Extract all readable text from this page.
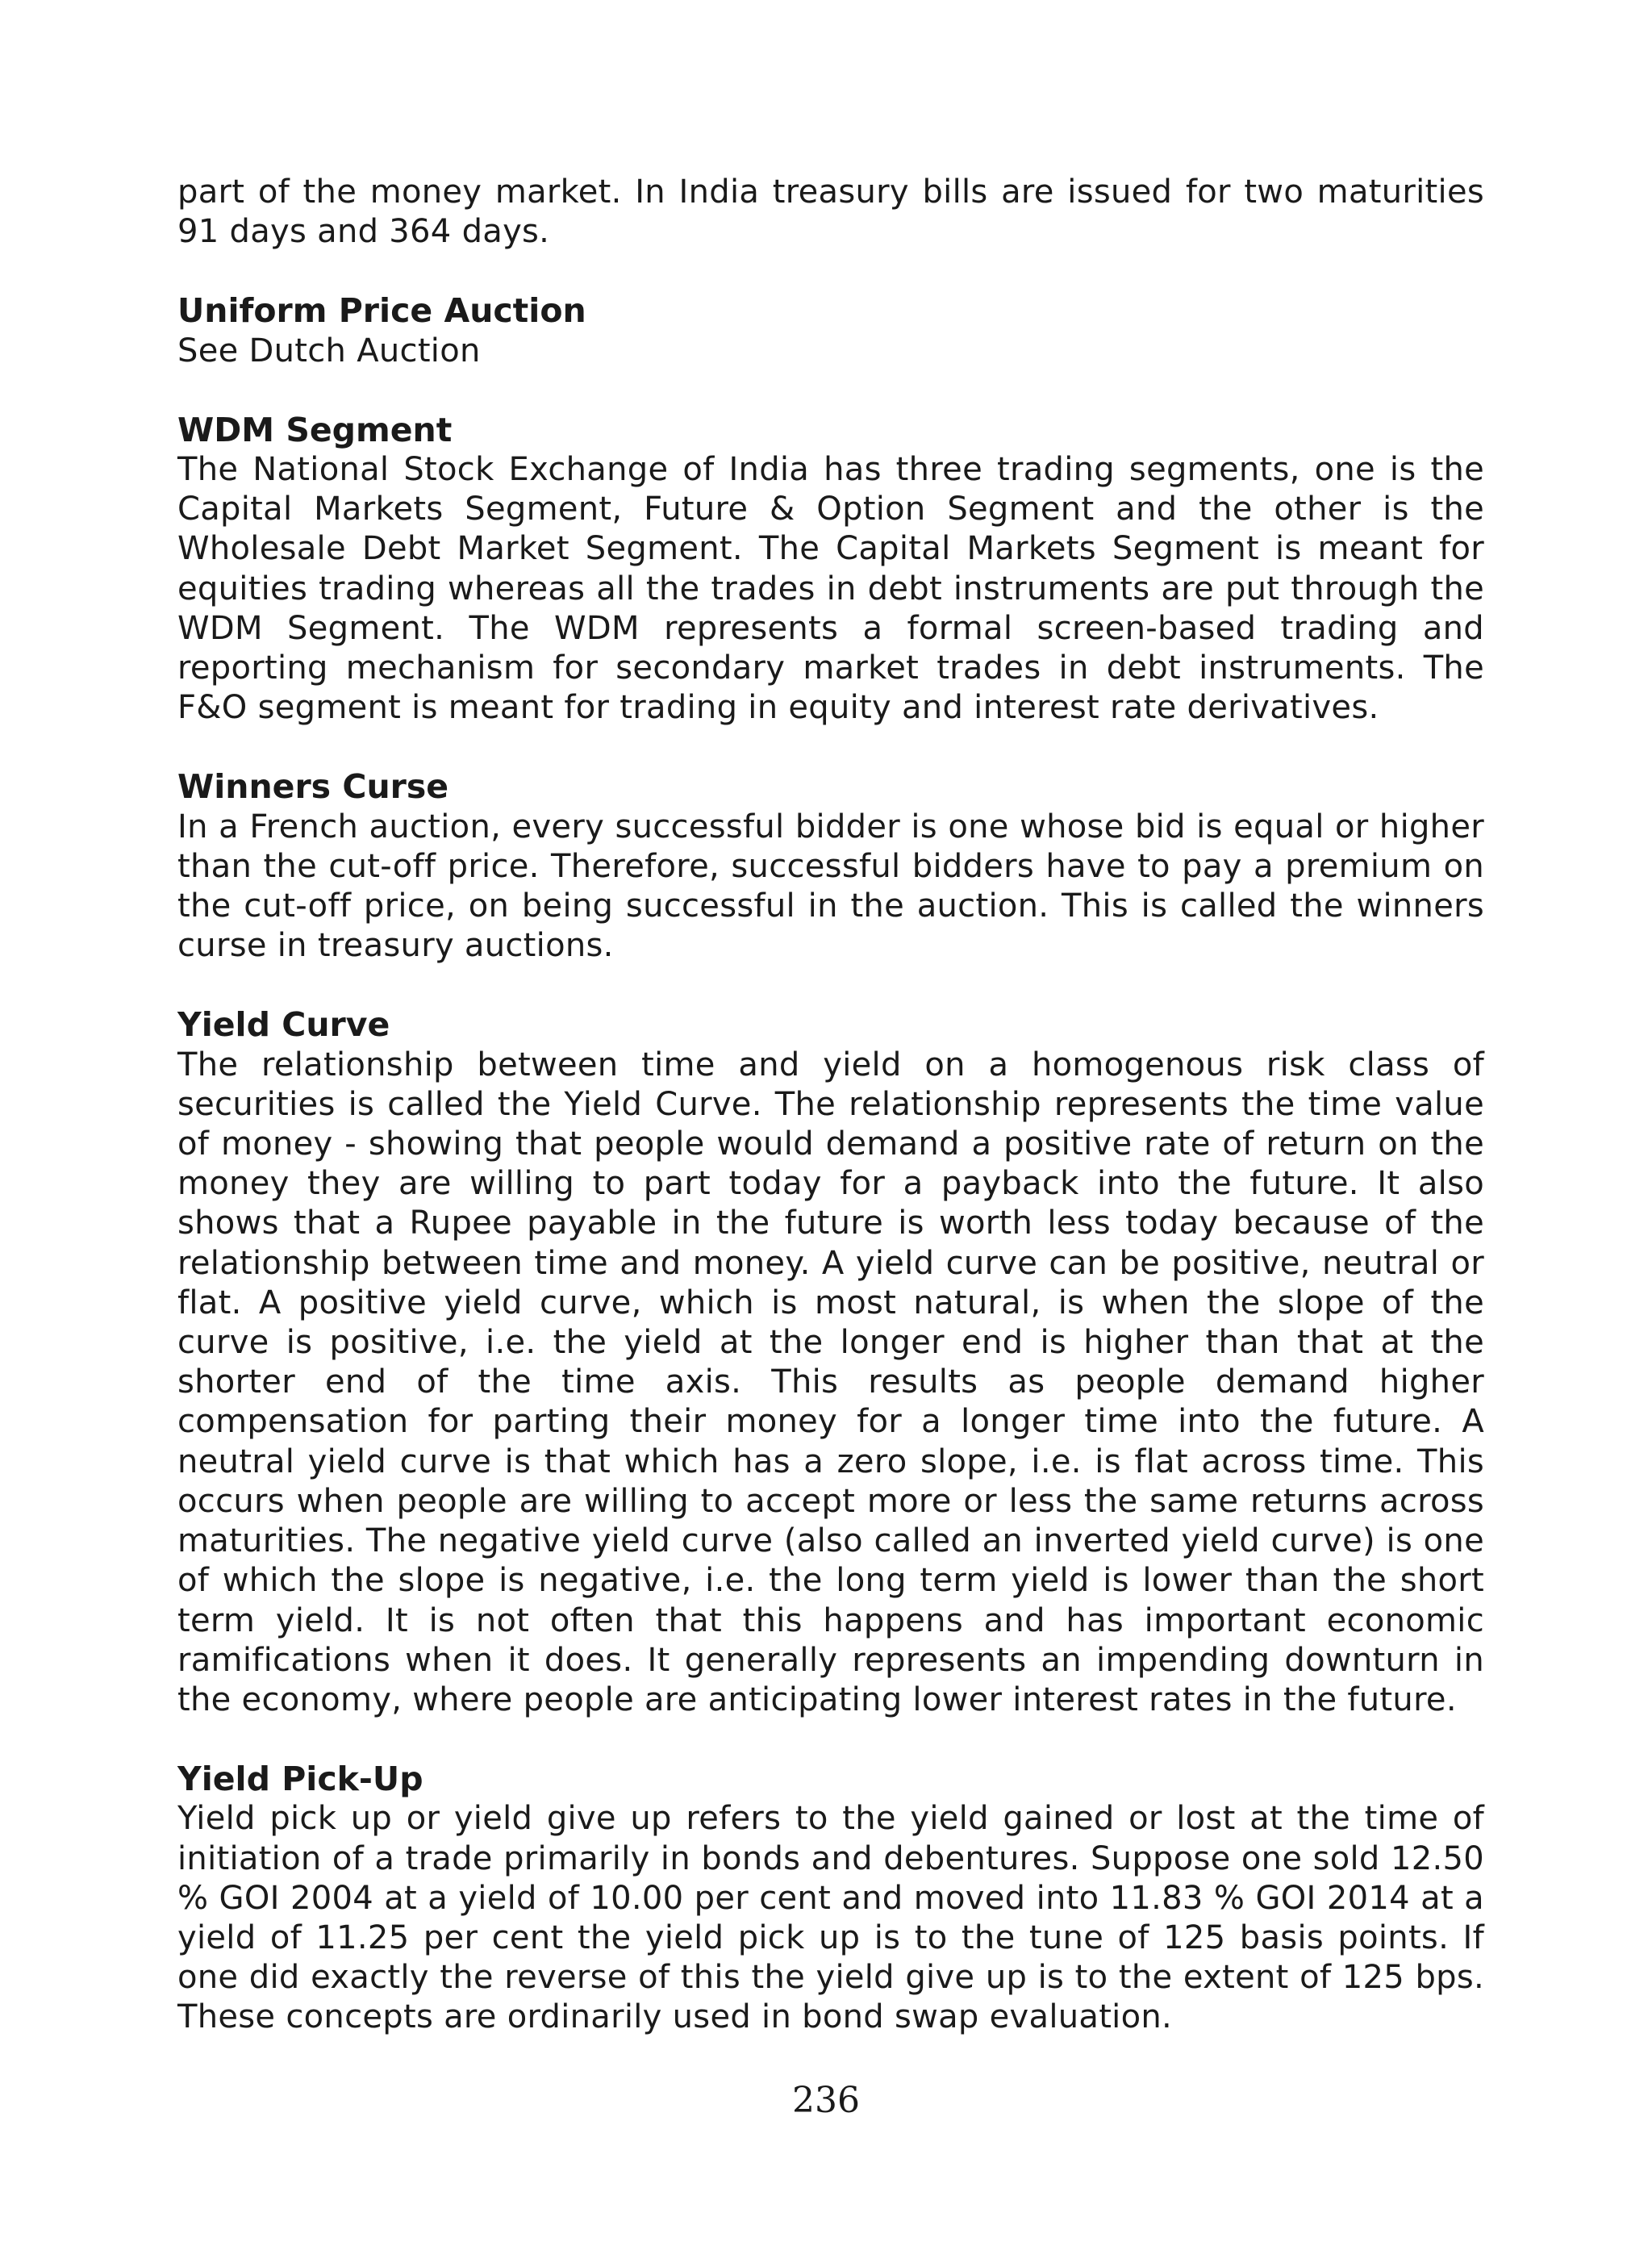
part of the money market. In India treasury bills are issued for two maturities 91 days and 364 days.

Uniform Price Auction

See Dutch Auction

WDM Segment

The National Stock Exchange of India has three trading segments, one is the Capital Markets Segment, Future & Option Segment and the other is the Wholesale Debt Market Segment. The Capital Markets Segment is meant for equities trading whereas all the trades in debt instruments are put through the WDM Segment. The WDM represents a formal screen-based trading and reporting mechanism for secondary market trades in debt instruments. The F&O segment is meant for trading in equity and interest rate derivatives.

Winners Curse

In a French auction, every successful bidder is one whose bid is equal or higher than the cut-off price. Therefore, successful bidders have to pay a premium on the cut-off price, on being successful in the auction. This is called the winners curse in treasury auctions.

Yield Curve

The relationship between time and yield on a homogenous risk class of securities is called the Yield Curve. The relationship represents the time value of money - showing that people would demand a positive rate of return on the money they are willing to part today for a payback into the future. It also shows that a Rupee payable in the future is worth less today because of the relationship between time and money. A yield curve can be positive, neutral or flat. A positive yield curve, which is most natural, is when the slope of the curve is positive, i.e. the yield at the longer end is higher than that at the shorter end of the time axis. This results as people demand higher compensation for parting their money for a longer time into the future. A neutral yield curve is that which has a zero slope, i.e. is flat across time. This occurs when people are willing to accept more or less the same returns across maturities. The negative yield curve (also called an inverted yield curve) is one of which the slope is negative, i.e. the long term yield is lower than the short term yield. It is not often that this happens and has important economic ramifications when it does. It generally represents an impending downturn in the economy, where people are anticipating lower interest rates in the future.

Yield Pick-Up

Yield pick up or yield give up refers to the yield gained or lost at the time of initiation of a trade primarily in bonds and debentures. Suppose one sold 12.50 % GOI 2004 at a yield of 10.00 per cent and moved into 11.83 % GOI 2014 at a yield of 11.25 per cent the yield pick up is to the tune of 125 basis points. If one did exactly the reverse of this the yield give up is to the extent of 125 bps. These concepts are ordinarily used in bond swap evaluation.

236
